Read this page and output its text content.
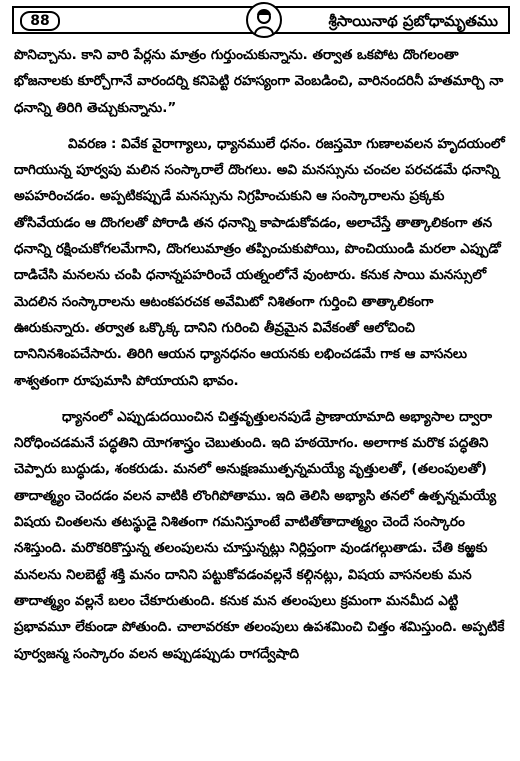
88	శ్రీసాయినాథ ప్రబోధామృతము

పొనిచ్చాను. కాని వారి పేర్లను మాత్రం గుర్తుంచుకున్నాను. తర్వాత ఒకపోట దొంగలంతా భోజనాలకు కూర్చోగానే వారందర్ని కనిపెట్టి రహస్యంగా వెంబడించి, వారినందరినీ హతమార్చి నా ధనాన్ని తిరిగి తెచ్చుకున్నాను.”

వివరణ : వివేక వైరాగ్యాలు, ధ్యానములే ధనం. రజస్తమో గుణాలవలన హృదయంలో దాగియున్న పూర్వపు మలిన సంస్కారాలే దొంగలు. అవి మనస్సును చంచల పరచడమే ధనాన్ని అపహరించడం. అప్పటికప్పుడే మనస్సును నిగ్రహించుకుని ఆ సంస్కారాలను ప్రక్కకు తోసివేయడం ఆ దొంగలతో పోరాడి తన ధనాన్ని కాపాడుకోవడం, అలాచేస్తే తాత్కాలికంగా తన ధనాన్ని రక్షించుకోగలమేగాని, దొంగలుమాత్రం తప్పించుకుపోయి, పొంచియుండి మరలా ఎప్పుడో దాడిచేసి మనలను చంపి ధనాన్నపహరించే యత్నంలోనే వుంటారు. కనుక సాయి మనస్సులో మెదలిన సంస్కారాలను ఆటంకపరచక అవేమిటో నిశితంగా గుర్తించి తాత్కాలికంగా ఊరుకున్నారు. తర్వాత ఒక్కొక్క దానిని గురించి తీవ్రమైన వివేకంతో ఆలోచించి దానినినశింపచేసారు. తిరిగి ఆయన ధ్యానధనం ఆయనకు లభించడమే గాక ఆ వాసనలు శాశ్వతంగా రూపుమాసి పోయాయని భావం.

ధ్యానంలో ఎప్పుడుదయించిన చిత్తవృత్తులనపుడే ప్రాణాయామాది అభ్యాసాల ద్వారా నిరోధించడమనే పద్ధతిని యోగశాస్త్రం చెబుతుంది. ఇది హఠయోగం. అలాగాక మరొక పద్ధతిని చెప్పారు బుద్ధుడు, శంకరుడు. మనలో అనుక్షణముత్పన్నమయ్యే వృత్తులతో, (తలంపులతో) తాదాత్మ్యం చెందడం వలన వాటికి లొంగిపోతాము. ఇది తెలిసి అభ్యాసి తనలో ఉత్పన్నమయ్యే విషయ చింతలను తటస్థుడై నిశితంగా గమనిస్తూంటే వాటితోతాదాత్మ్యం చెందే సంస్కారం నశిస్తుంది. మరొకరికొస్తున్న తలంపులను చూస్తున్నట్లు నిర్లిప్తంగా వుండగల్గుతాడు. చేతి కఱ్ఱకు మనలను నిలబెట్టే శక్తి మనం దానిని పట్టుకోవడంవల్లనే కల్గినట్లు, విషయ వాసనలకు మన తాదాత్మ్యం వల్లనే బలం చేకూరుతుంది. కనుక మన తలంపులు క్రమంగా మనమీద ఎట్టి ప్రభావమూ లేకుండా పోతుంది. చాలావరకూ తలంపులు ఉపశమించి చిత్తం శమిస్తుంది. అప్పటికే పూర్వజన్మ సంస్కారం వలన అప్పుడప్పుడు రాగద్వేషాది
